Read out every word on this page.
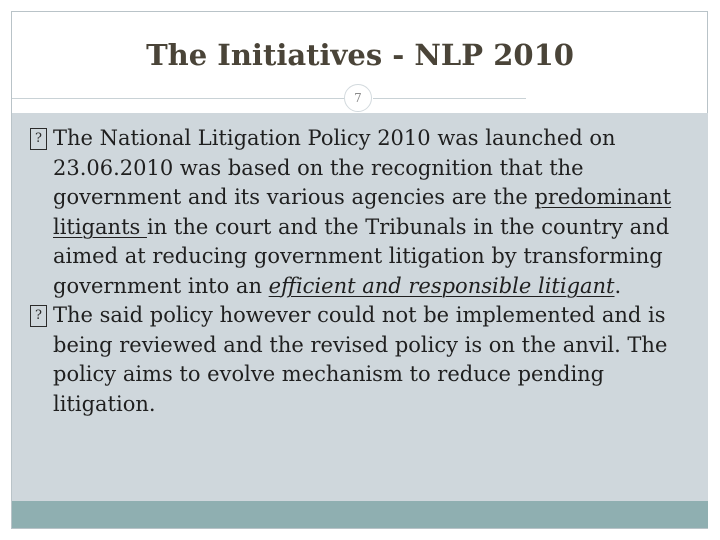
The Initiatives - NLP 2010
7
? The National Litigation Policy 2010 was launched on 23.06.2010 was based on the recognition that the government and its various agencies are the predominant litigants in the court and the Tribunals in the country and aimed at reducing government litigation by transforming government into an efficient and responsible litigant.
? The said policy however could not be implemented and is being reviewed and the revised policy is on the anvil. The policy aims to evolve mechanism to reduce pending litigation.
